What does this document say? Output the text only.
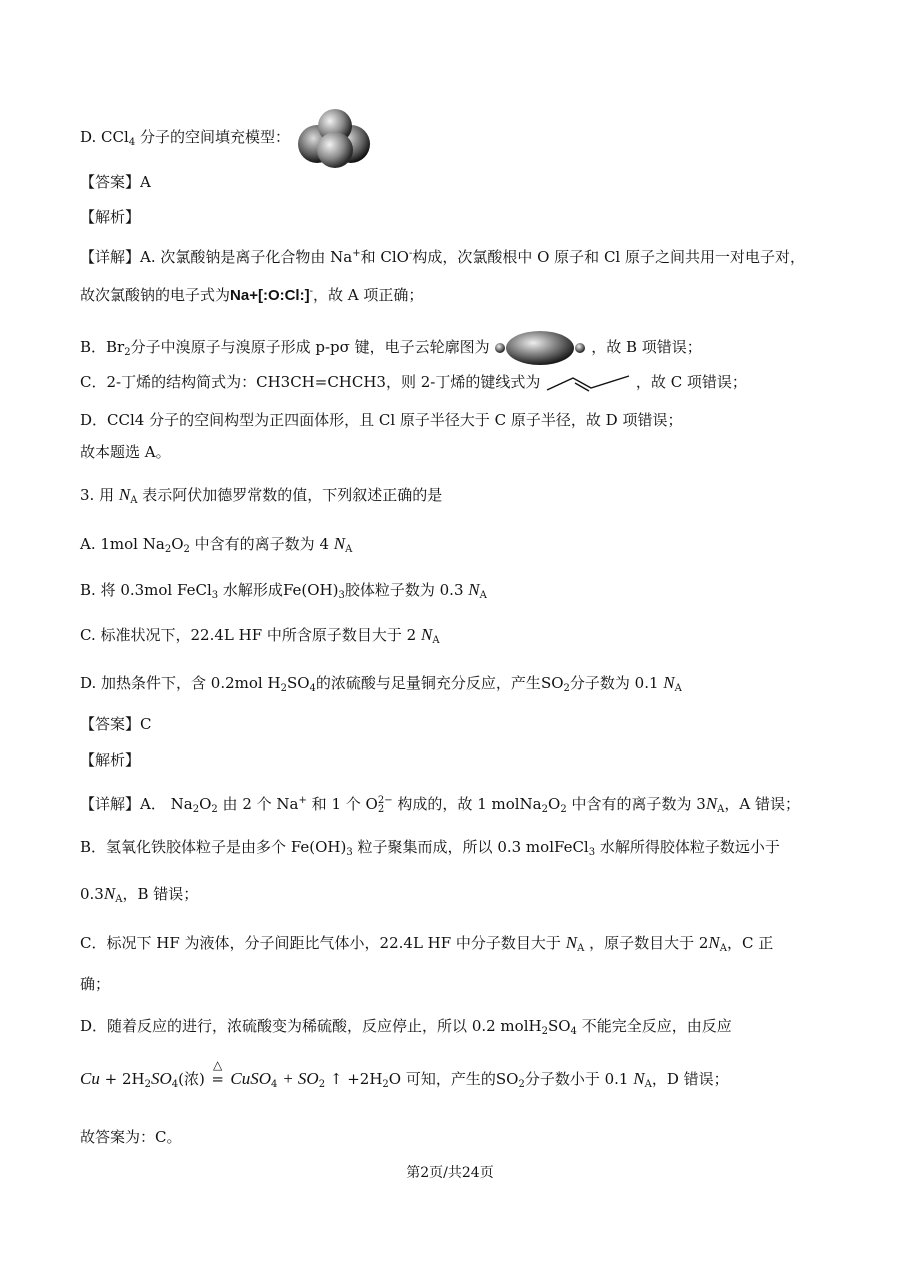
D. CCl$_4$ 分子的空间填充模型：
【答案】A
【解析】
【详解】A. 次氯酸钠是离子化合物由 Na+和 ClO-构成，次氯酸根中 O 原子和 Cl 原子之间共用一对电子对，
故次氯酸钠的电子式为Na+[:O:Cl:]-，故 A 项正确；
B．$Br_2$分子中溴原子与溴原子形成 p-pσ 键，电子云轮廓图为	，故 B 项错误；
C．2-丁烯的结构简式为：CH3CH=CHCH3，则 2-丁烯的键线式为	，故 C 项错误；
D．CCl4 分子的空间构型为正四面体形，且 Cl 原子半径大于 C 原子半径，故 D 项错误；
故本题选 A。
3. 用 $N_A$ 表示阿伏加德罗常数的值，下列叙述正确的是
A. 1mol $Na_2O_2$ 中含有的离子数为 4 $N_A$
B. 将 0.3mol FeCl$_3$ 水解形成$Fe(OH)_3$胶体粒子数为 0.3 $N_A$
C. 标准状况下，22.4L HF 中所含原子数目大于 2 $N_A$
D. 加热条件下，含 0.2mol $H_2SO_4$的浓硫酸与足量铜充分反应，产生$SO_2$分子数为 0.1 $N_A$
【答案】C
【解析】
【详解】A． $Na_2O_2$ 由 2 个 Na+ 和 1 个 O 2−
2 构成的，故 1 $molNa_2O_2$ 中含有的离子数为 $3N_A$，A 错误；
B．氢氧化铁胶体粒子是由多个 $Fe(OH)_3$ 粒子聚集而成，所以 0.3 molFeCl$_3$ 水解所得胶体粒子数远小于
$0.3N_A$，B 错误；
C．标况下 HF 为液体，分子间距比气体小，22.4L HF 中分子数目大于 $N_A$ ，原子数目大于 $2N_A$，C 正
确；
D．随着反应的进行，浓硫酸变为稀硫酸，反应停止，所以 0.2 $molH_2SO_4$ 不能完全反应，由反应
$Cu + 2H_2SO_4$(浓)
△
= CuSO$_4$ + $SO_2$ ↑ $+2H_2O$ 可知，产生的$SO_2$分子数小于 0.1 $N_A$，D 错误；
故答案为：C。
第2页/共24页
